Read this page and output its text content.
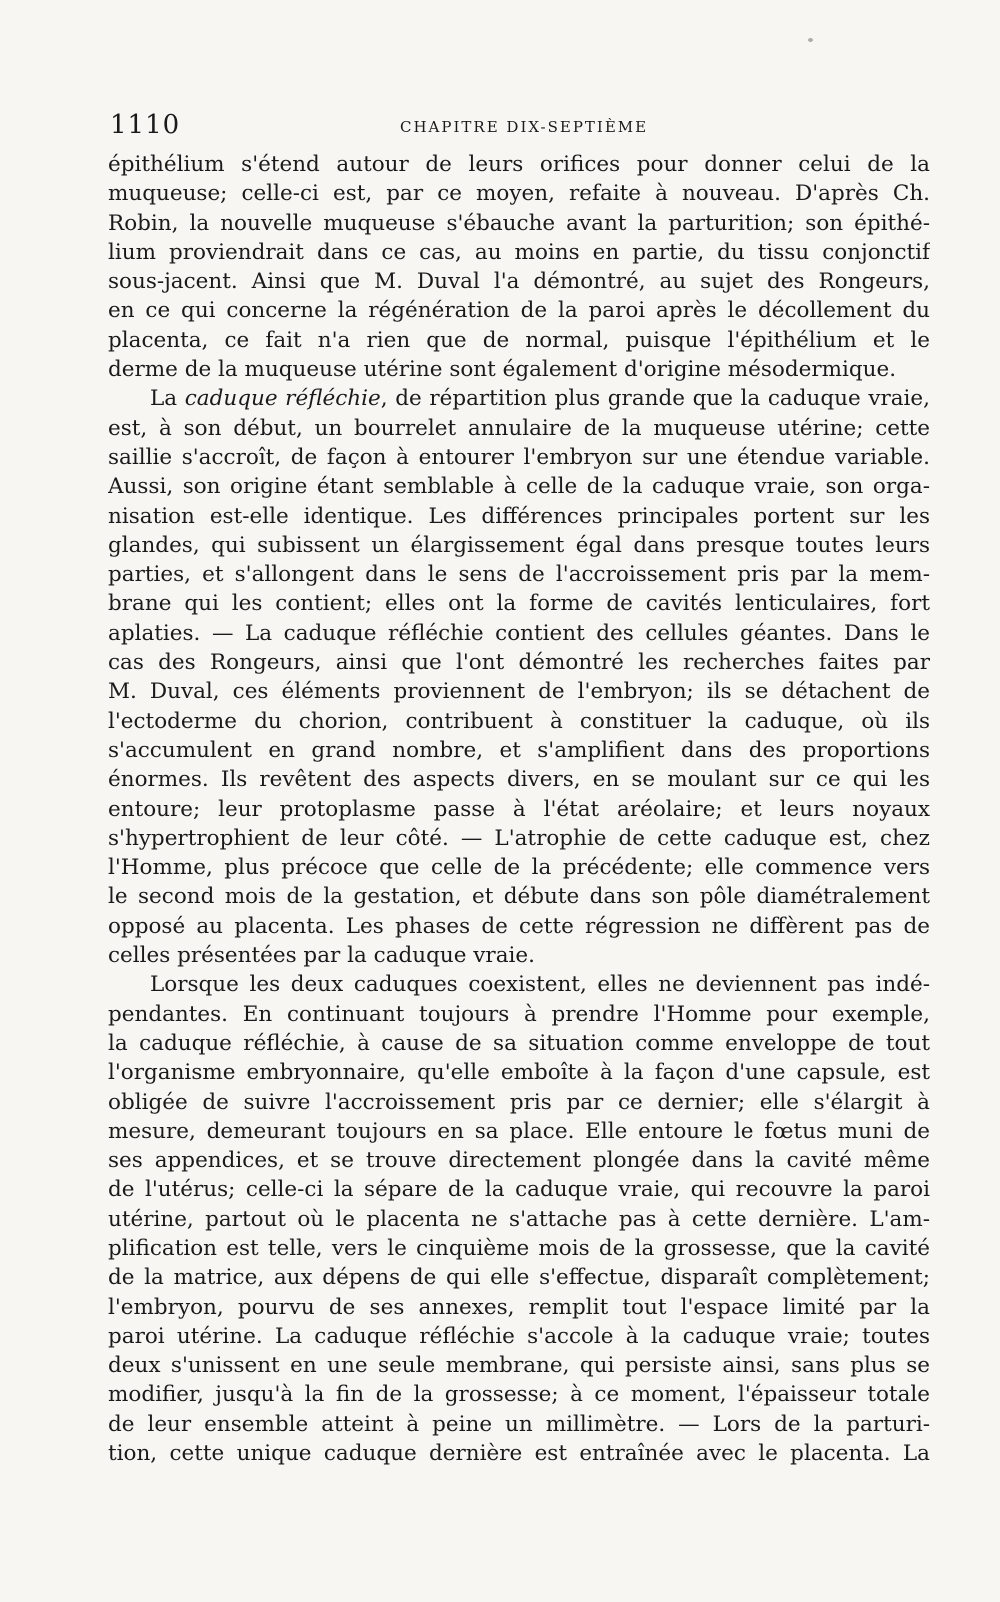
1110	CHAPITRE DIX-SEPTIÈME
épithélium s'étend autour de leurs orifices pour donner celui de la
muqueuse; celle-ci est, par ce moyen, refaite à nouveau. D'après Ch.
Robin, la nouvelle muqueuse s'ébauche avant la parturition; son épithé-
lium proviendrait dans ce cas, au moins en partie, du tissu conjonctif
sous-jacent. Ainsi que M. Duval l'a démontré, au sujet des Rongeurs,
en ce qui concerne la régénération de la paroi après le décollement du
placenta, ce fait n'a rien que de normal, puisque l'épithélium et le
derme de la muqueuse utérine sont également d'origine mésodermique.
La caduque réfléchie, de répartition plus grande que la caduque vraie,
est, à son début, un bourrelet annulaire de la muqueuse utérine; cette
saillie s'accroît, de façon à entourer l'embryon sur une étendue variable.
Aussi, son origine étant semblable à celle de la caduque vraie, son orga-
nisation est-elle identique. Les différences principales portent sur les
glandes, qui subissent un élargissement égal dans presque toutes leurs
parties, et s'allongent dans le sens de l'accroissement pris par la mem-
brane qui les contient; elles ont la forme de cavités lenticulaires, fort
aplaties. — La caduque réfléchie contient des cellules géantes. Dans le
cas des Rongeurs, ainsi que l'ont démontré les recherches faites par
M. Duval, ces éléments proviennent de l'embryon; ils se détachent de
l'ectoderme du chorion, contribuent à constituer la caduque, où ils
s'accumulent en grand nombre, et s'amplifient dans des proportions
énormes. Ils revêtent des aspects divers, en se moulant sur ce qui les
entoure; leur protoplasme passe à l'état aréolaire; et leurs noyaux
s'hypertrophient de leur côté. — L'atrophie de cette caduque est, chez
l'Homme, plus précoce que celle de la précédente; elle commence vers
le second mois de la gestation, et débute dans son pôle diamétralement
opposé au placenta. Les phases de cette régression ne diffèrent pas de
celles présentées par la caduque vraie.
Lorsque les deux caduques coexistent, elles ne deviennent pas indé-
pendantes. En continuant toujours à prendre l'Homme pour exemple,
la caduque réfléchie, à cause de sa situation comme enveloppe de tout
l'organisme embryonnaire, qu'elle emboîte à la façon d'une capsule, est
obligée de suivre l'accroissement pris par ce dernier; elle s'élargit à
mesure, demeurant toujours en sa place. Elle entoure le fœtus muni de
ses appendices, et se trouve directement plongée dans la cavité même
de l'utérus; celle-ci la sépare de la caduque vraie, qui recouvre la paroi
utérine, partout où le placenta ne s'attache pas à cette dernière. L'am-
plification est telle, vers le cinquième mois de la grossesse, que la cavité
de la matrice, aux dépens de qui elle s'effectue, disparaît complètement;
l'embryon, pourvu de ses annexes, remplit tout l'espace limité par la
paroi utérine. La caduque réfléchie s'accole à la caduque vraie; toutes
deux s'unissent en une seule membrane, qui persiste ainsi, sans plus se
modifier, jusqu'à la fin de la grossesse; à ce moment, l'épaisseur totale
de leur ensemble atteint à peine un millimètre. — Lors de la parturi-
tion, cette unique caduque dernière est entraînée avec le placenta. La
